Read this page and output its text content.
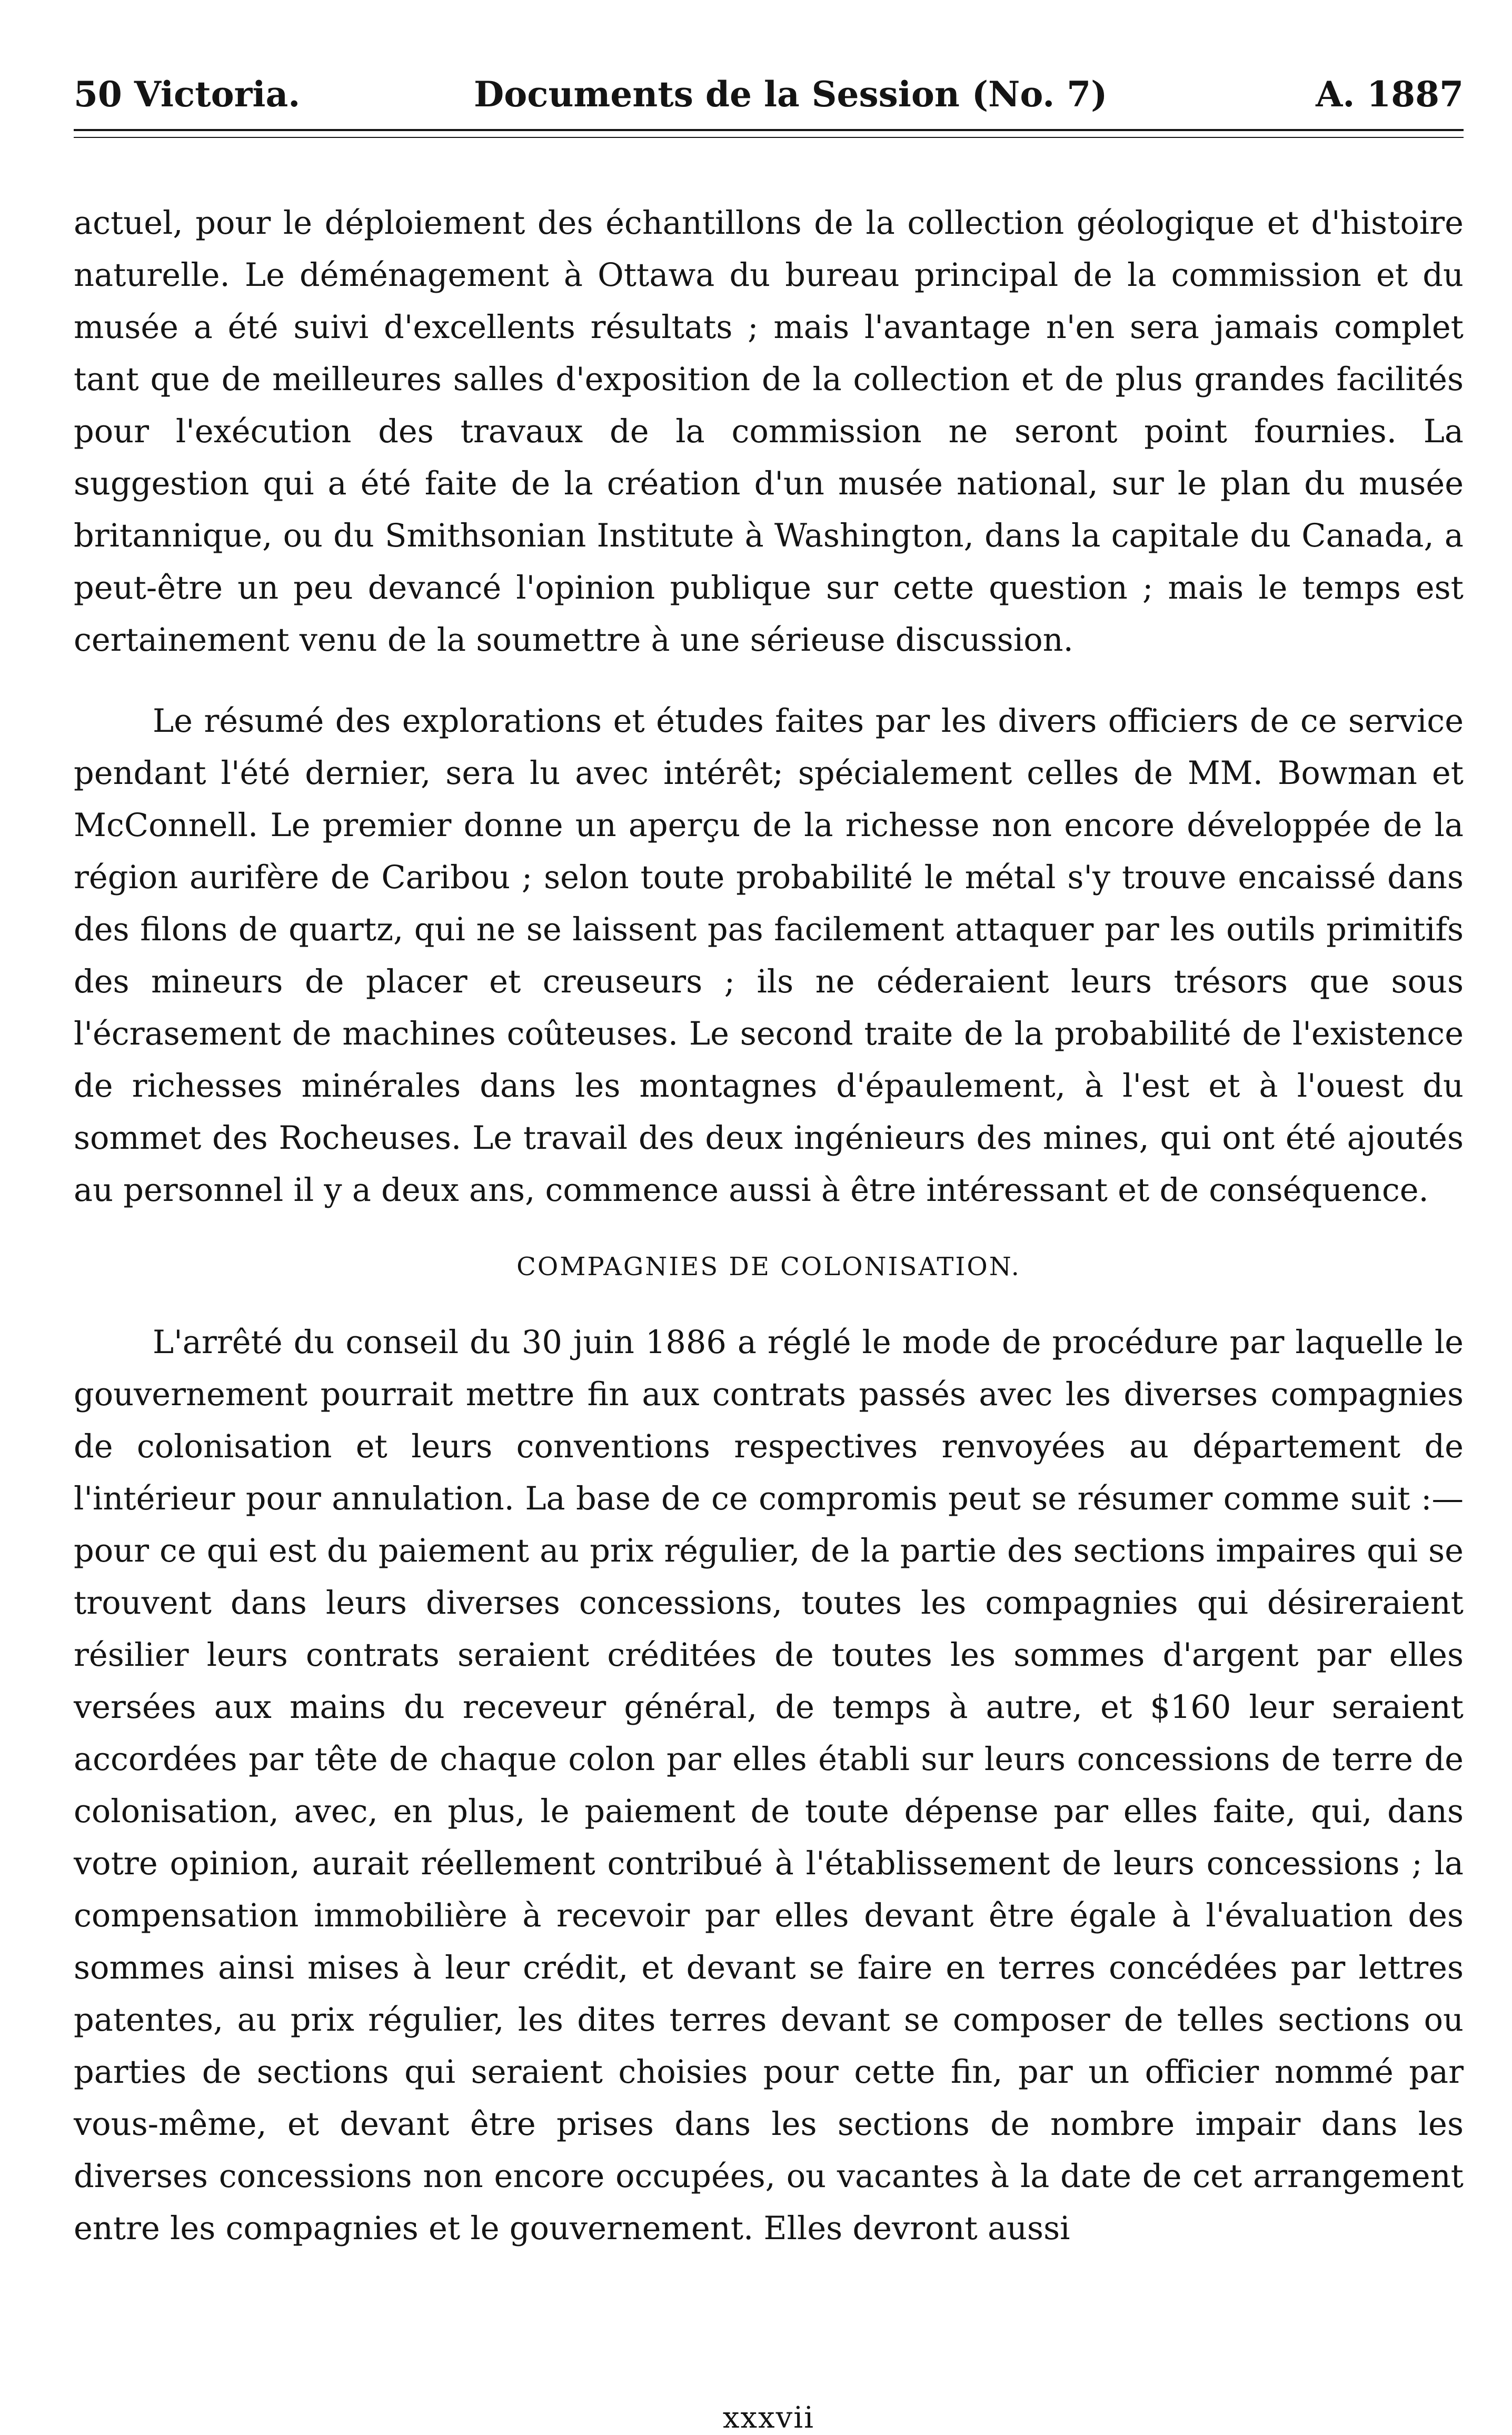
50 Victoria.	Documents de la Session (No. 7)	A. 1887

actuel, pour le déploiement des échantillons de la collection géologique et d'histoire naturelle. Le déménagement à Ottawa du bureau principal de la commission et du musée a été suivi d'excellents résultats ; mais l'avantage n'en sera jamais complet tant que de meilleures salles d'exposition de la collection et de plus grandes facilités pour l'exécution des travaux de la commission ne seront point fournies. La suggestion qui a été faite de la création d'un musée national, sur le plan du musée britannique, ou du Smithsonian Institute à Washington, dans la capitale du Canada, a peut-être un peu devancé l'opinion publique sur cette question ; mais le temps est certainement venu de la soumettre à une sérieuse discussion.

Le résumé des explorations et études faites par les divers officiers de ce service pendant l'été dernier, sera lu avec intérêt; spécialement celles de MM. Bowman et McConnell. Le premier donne un aperçu de la richesse non encore développée de la région aurifère de Caribou ; selon toute probabilité le métal s'y trouve encaissé dans des filons de quartz, qui ne se laissent pas facilement attaquer par les outils primitifs des mineurs de placer et creuseurs ; ils ne céderaient leurs trésors que sous l'écrasement de machines coûteuses. Le second traite de la probabilité de l'existence de richesses minérales dans les montagnes d'épaulement, à l'est et à l'ouest du sommet des Rocheuses. Le travail des deux ingénieurs des mines, qui ont été ajoutés au personnel il y a deux ans, commence aussi à être intéressant et de conséquence.

COMPAGNIES DE COLONISATION.

L'arrêté du conseil du 30 juin 1886 a réglé le mode de procédure par laquelle le gouvernement pourrait mettre fin aux contrats passés avec les diverses compagnies de colonisation et leurs conventions respectives renvoyées au département de l'intérieur pour annulation. La base de ce compromis peut se résumer comme suit :—pour ce qui est du paiement au prix régulier, de la partie des sections impaires qui se trouvent dans leurs diverses concessions, toutes les compagnies qui désireraient résilier leurs contrats seraient créditées de toutes les sommes d'argent par elles versées aux mains du receveur général, de temps à autre, et $160 leur seraient accordées par tête de chaque colon par elles établi sur leurs concessions de terre de colonisation, avec, en plus, le paiement de toute dépense par elles faite, qui, dans votre opinion, aurait réellement contribué à l'établissement de leurs concessions ; la compensation immobilière à recevoir par elles devant être égale à l'évaluation des sommes ainsi mises à leur crédit, et devant se faire en terres concédées par lettres patentes, au prix régulier, les dites terres devant se composer de telles sections ou parties de sections qui seraient choisies pour cette fin, par un officier nommé par vous-même, et devant être prises dans les sections de nombre impair dans les diverses concessions non encore occupées, ou vacantes à la date de cet arrangement entre les compagnies et le gouvernement. Elles devront aussi

xxxvii
